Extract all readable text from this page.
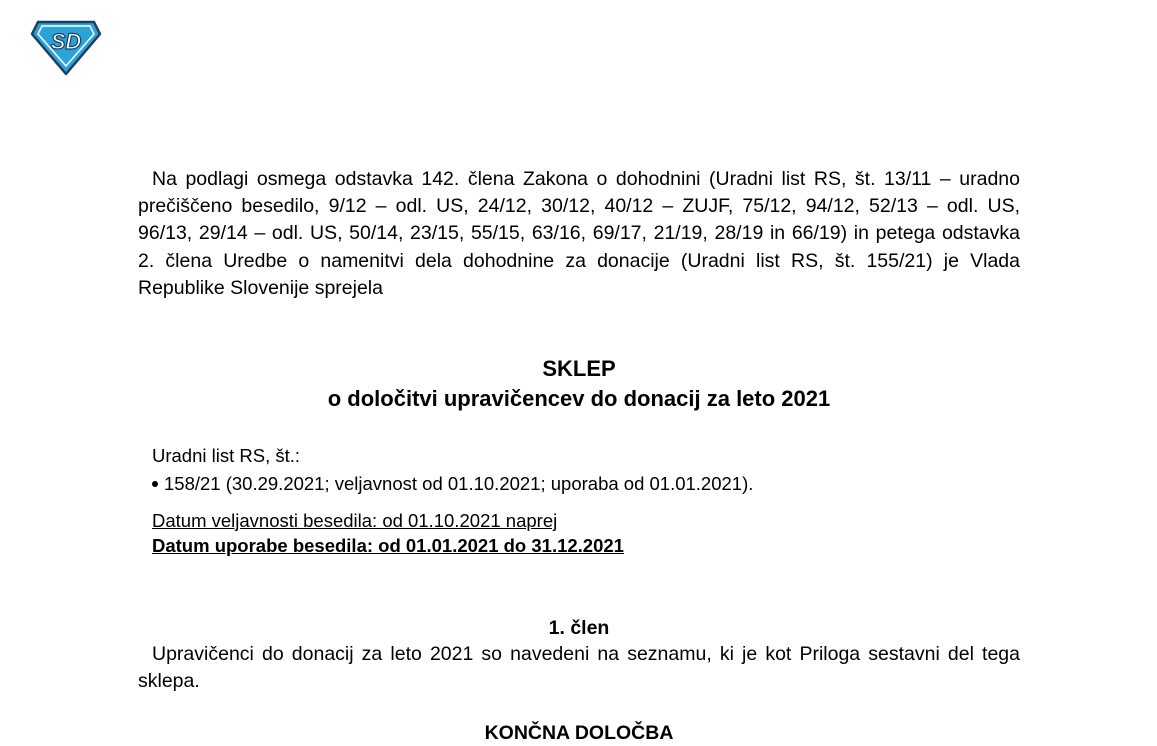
SD

Na podlagi osmega odstavka 142. člena Zakona o dohodnini (Uradni list RS, št. 13/11 – uradno prečiščeno besedilo, 9/12 – odl. US, 24/12, 30/12, 40/12 – ZUJF, 75/12, 94/12, 52/13 – odl. US, 96/13, 29/14 – odl. US, 50/14, 23/15, 55/15, 63/16, 69/17, 21/19, 28/19 in 66/19) in petega odstavka 2. člena Uredbe o namenitvi dela dohodnine za donacije (Uradni list RS, št. 155/21) je Vlada Republike Slovenije sprejela

SKLEP
o določitvi upravičencev do donacij za leto 2021
Uradni list RS, št.:
158/21 (30.29.2021; veljavnost od 01.10.2021; uporaba od 01.01.2021).
Datum veljavnosti besedila: od 01.10.2021 naprej
Datum uporabe besedila: od 01.01.2021 do 31.12.2021
1. člen

Upravičenci do donacij za leto 2021 so navedeni na seznamu, ki je kot Priloga sestavni del tega sklepa.

KONČNA DOLOČBA
